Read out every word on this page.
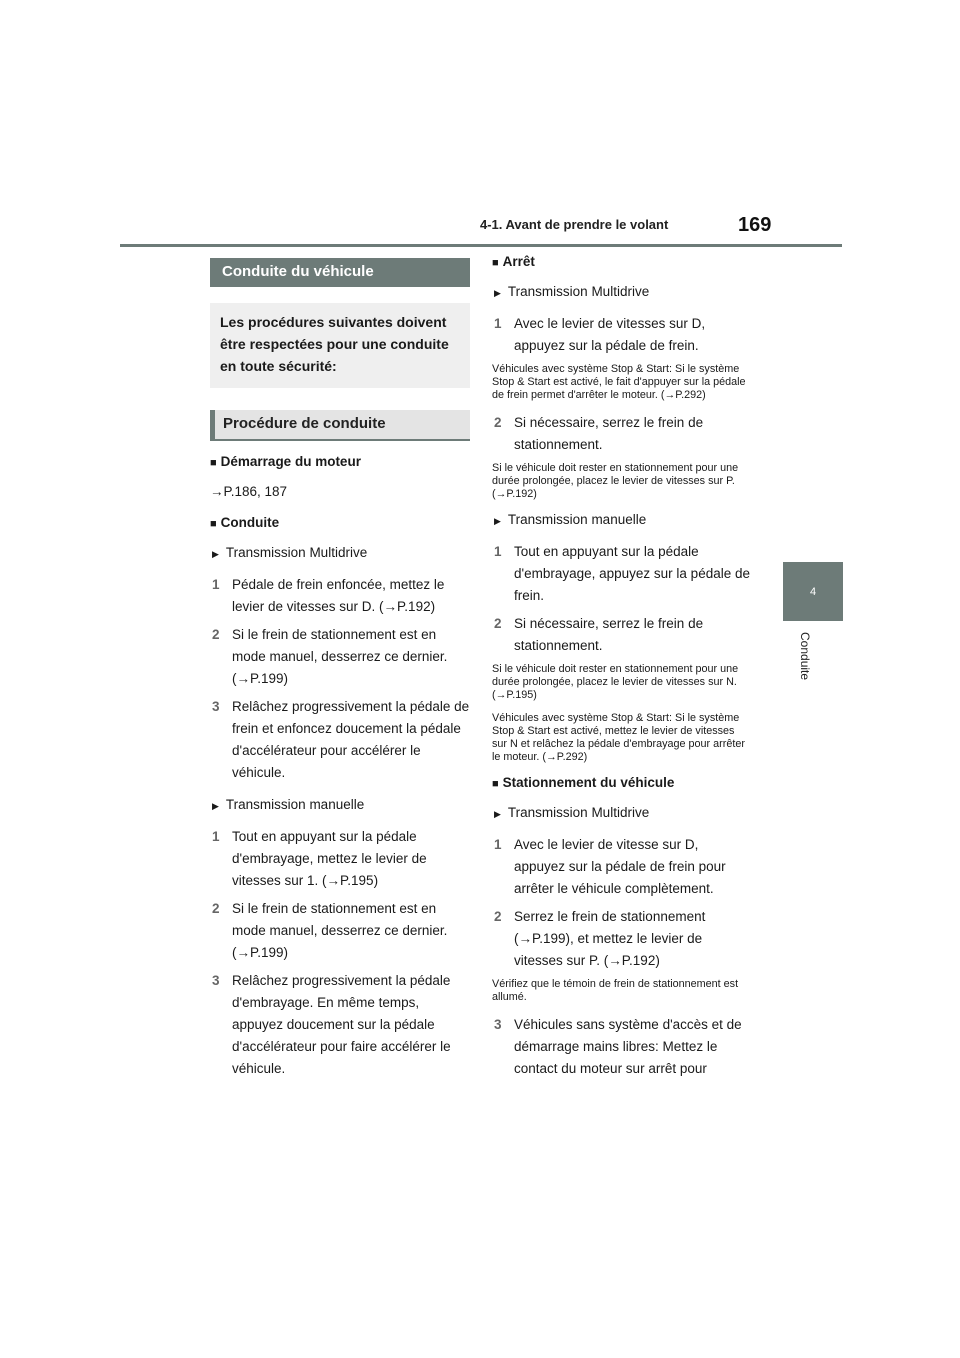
4-1. Avant de prendre le volant	169
4
Conduite
Conduite du véhicule
Les procédures suivantes doivent être respectées pour une conduite en toute sécurité:
Procédure de conduite
■ Démarrage du moteur
→P.186, 187
■ Conduite
▶ Transmission Multidrive
1 Pédale de frein enfoncée, mettez le levier de vitesses sur D. (→P.192)
2 Si le frein de stationnement est en mode manuel, desserrez ce dernier. (→P.199)
3 Relâchez progressivement la pédale de frein et enfoncez doucement la pédale d'accélérateur pour accélérer le véhicule.
▶ Transmission manuelle
1 Tout en appuyant sur la pédale d'embrayage, mettez le levier de vitesses sur 1. (→P.195)
2 Si le frein de stationnement est en mode manuel, desserrez ce dernier. (→P.199)
3 Relâchez progressivement la pédale d'embrayage. En même temps, appuyez doucement sur la pédale d'accélérateur pour faire accélérer le véhicule.
■ Arrêt
▶ Transmission Multidrive
1 Avec le levier de vitesses sur D, appuyez sur la pédale de frein.
Véhicules avec système Stop & Start: Si le système Stop & Start est activé, le fait d'appuyer sur la pédale de frein permet d'arrêter le moteur. (→P.292)
2 Si nécessaire, serrez le frein de stationnement.
Si le véhicule doit rester en stationnement pour une durée prolongée, placez le levier de vitesses sur P. (→P.192)
▶ Transmission manuelle
1 Tout en appuyant sur la pédale d'embrayage, appuyez sur la pédale de frein.
2 Si nécessaire, serrez le frein de stationnement.
Si le véhicule doit rester en stationnement pour une durée prolongée, placez le levier de vitesses sur N. (→P.195)
Véhicules avec système Stop & Start: Si le système Stop & Start est activé, mettez le levier de vitesses sur N et relâchez la pédale d'embrayage pour arrêter le moteur. (→P.292)
■ Stationnement du véhicule
▶ Transmission Multidrive
1 Avec le levier de vitesse sur D, appuyez sur la pédale de frein pour arrêter le véhicule complètement.
2 Serrez le frein de stationnement (→P.199), et mettez le levier de vitesses sur P. (→P.192)
Vérifiez que le témoin de frein de stationnement est allumé.
3 Véhicules sans système d'accès et de démarrage mains libres: Mettez le contact du moteur sur arrêt pour
